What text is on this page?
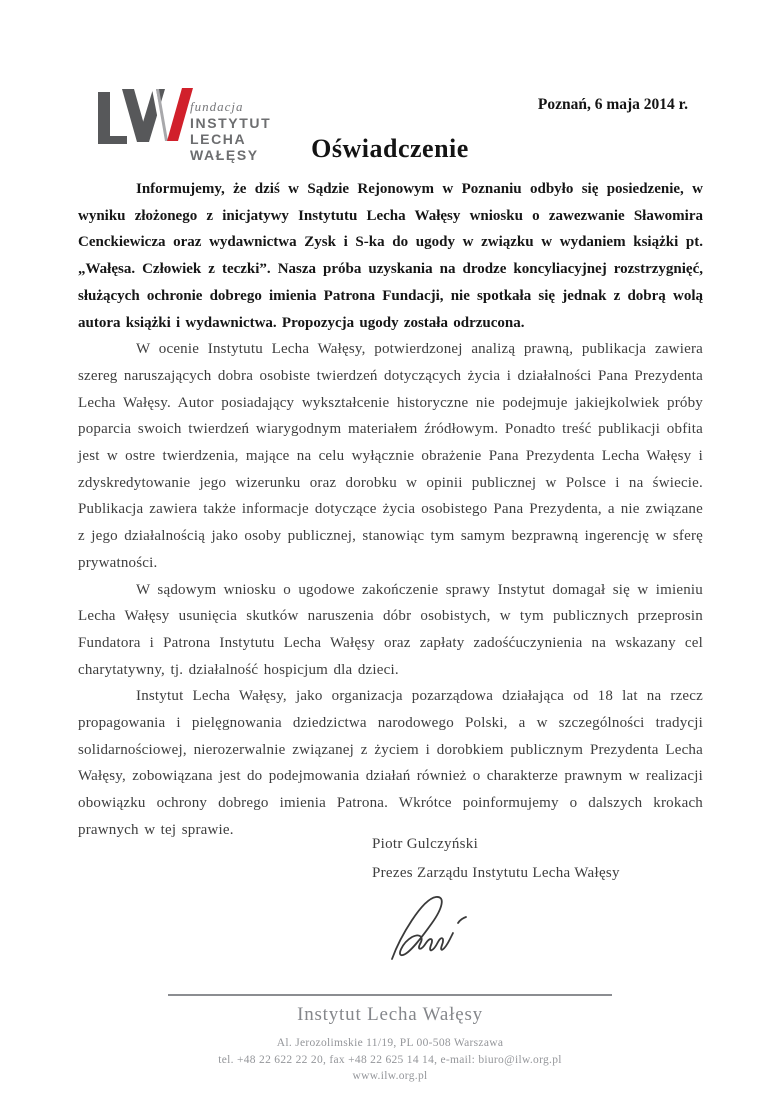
fundacja
INSTYTUT
LECHA WAŁĘSY
Poznań, 6 maja 2014 r.
Oświadczenie

Informujemy, że dziś w Sądzie Rejonowym w Poznaniu odbyło się posiedzenie, w wyniku złożonego z inicjatywy Instytutu Lecha Wałęsy wniosku o zawezwanie Sławomira Cenckiewicza oraz wydawnictwa Zysk i S-ka do ugody w związku w wydaniem książki pt. „Wałęsa. Człowiek z teczki”. Nasza próba uzyskania na drodze koncyliacyjnej rozstrzygnięć, służących ochronie dobrego imienia Patrona Fundacji, nie spotkała się jednak z dobrą wolą autora książki i wydawnictwa. Propozycja ugody została odrzucona.

W ocenie Instytutu Lecha Wałęsy, potwierdzonej analizą prawną, publikacja zawiera szereg naruszających dobra osobiste twierdzeń dotyczących życia i działalności Pana Prezydenta Lecha Wałęsy. Autor posiadający wykształcenie historyczne nie podejmuje jakiejkolwiek próby poparcia swoich twierdzeń wiarygodnym materiałem źródłowym. Ponadto treść publikacji obfita jest w ostre twierdzenia, mające na celu wyłącznie obrażenie Pana Prezydenta Lecha Wałęsy i zdyskredytowanie jego wizerunku oraz dorobku w opinii publicznej w Polsce i na świecie. Publikacja zawiera także informacje dotyczące życia osobistego Pana Prezydenta, a nie związane z jego działalnością jako osoby publicznej, stanowiąc tym samym bezprawną ingerencję w sferę prywatności.

W sądowym wniosku o ugodowe zakończenie sprawy Instytut domagał się w imieniu Lecha Wałęsy usunięcia skutków naruszenia dóbr osobistych, w tym publicznych przeprosin Fundatora i Patrona Instytutu Lecha Wałęsy oraz zapłaty zadośćuczynienia na wskazany cel charytatywny, tj. działalność hospicjum dla dzieci.

Instytut Lecha Wałęsy, jako organizacja pozarządowa działająca od 18 lat na rzecz propagowania i pielęgnowania dziedzictwa narodowego Polski, a w szczególności tradycji solidarnościowej, nierozerwalnie związanej z życiem i dorobkiem publicznym Prezydenta Lecha Wałęsy, zobowiązana jest do podejmowania działań również o charakterze prawnym w realizacji obowiązku ochrony dobrego imienia Patrona. Wkrótce poinformujemy o dalszych krokach prawnych w tej sprawie.

Piotr Gulczyński
Prezes Zarządu Instytutu Lecha Wałęsy
Instytut Lecha Wałęsy
Al. Jerozolimskie 11/19, PL 00-508 Warszawa
tel. +48 22 622 22 20, fax +48 22 625 14 14, e-mail: biuro@ilw.org.pl
www.ilw.org.pl
